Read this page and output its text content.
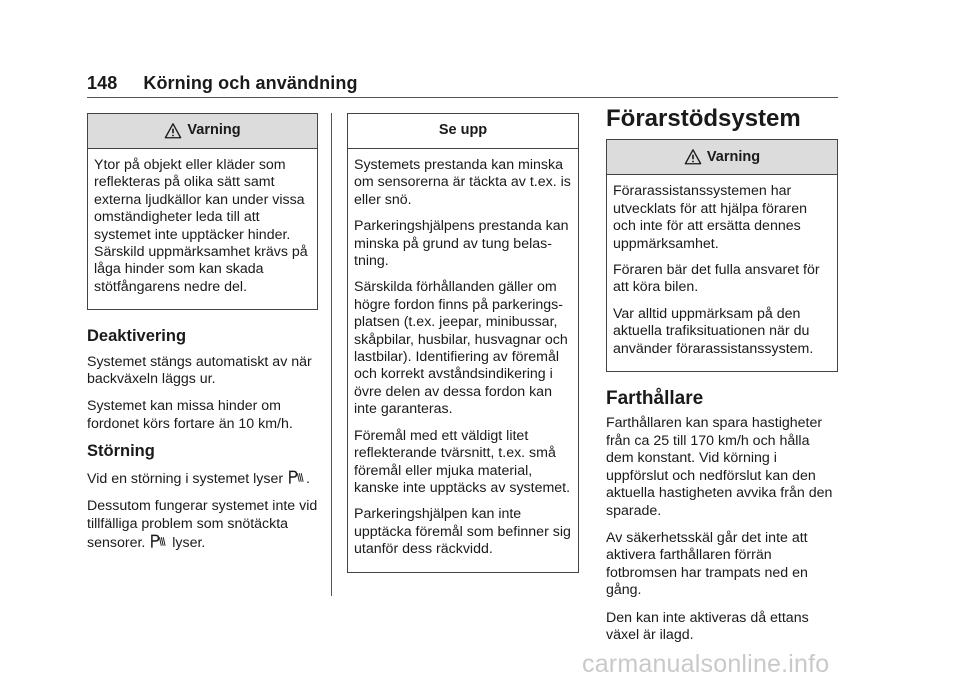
148 Körning och användning
Varning

Ytor på objekt eller kläder som reflekteras på olika sätt samt externa ljudkällor kan under vissa omständigheter leda till att systemet inte upptäcker hinder. Särskild uppmärksamhet krävs på låga hinder som kan skada stötfångarens nedre del.

Deaktivering

Systemet stängs automatiskt av när backväxeln läggs ur.

Systemet kan missa hinder om fordonet körs fortare än 10 km/h.

Störning

Vid en störning i systemet lyser .

Dessutom fungerar systemet inte vid tillfälliga problem som snötäckta sensorer. lyser.

Se upp

Systemets prestanda kan minska om sensorerna är täckta av t.ex. is eller snö.

Parkeringshjälpens prestanda kan minska på grund av tung belas-tning.

Särskilda förhållanden gäller om högre fordon finns på parkerings-platsen (t.ex. jeepar, minibussar, skåpbilar, husbilar, husvagnar och lastbilar). Identifiering av föremål och korrekt avståndsindikering i övre delen av dessa fordon kan inte garanteras.

Föremål med ett väldigt litet reflekterande tvärsnitt, t.ex. små föremål eller mjuka material, kanske inte upptäcks av systemet.

Parkeringshjälpen kan inte upptäcka föremål som befinner sig utanför dess räckvidd.

Förarstödsystem
Varning

Förarassistanssystemen har utvecklats för att hjälpa föraren och inte för att ersätta dennes uppmärksamhet.

Föraren bär det fulla ansvaret för att köra bilen.

Var alltid uppmärksam på den aktuella trafiksituationen när du använder förarassistanssystem.

Farthållare

Farthållaren kan spara hastigheter från ca 25 till 170 km/h och hålla dem konstant. Vid körning i uppförslut och nedförslut kan den aktuella hastigheten avvika från den sparade.

Av säkerhetsskäl går det inte att aktivera farthållaren förrän fotbromsen har trampats ned en gång.

Den kan inte aktiveras då ettans växel är ilagd.

carmanualsonline.info
